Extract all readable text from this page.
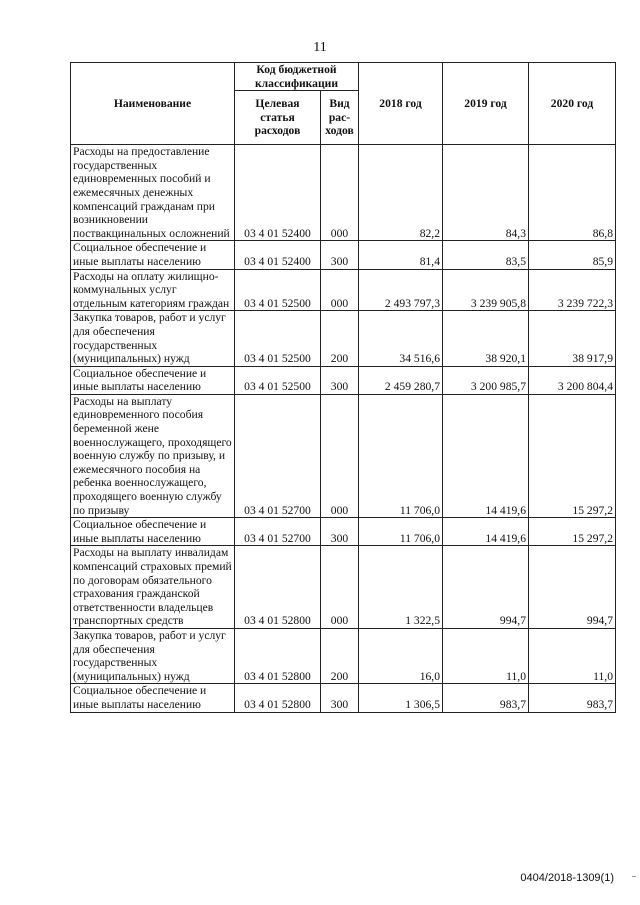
11
Наименование	Код бюджетной классификации		2018 год	2019 год	2020 год
	Целевая статья расходов	Вид рас-ходов			
Расходы на предоставление государственных единовременных пособий и ежемесячных денежных компенсаций гражданам при возникновении поствакцинальных осложнений	03 4 01 52400	000	82,2	84,3	86,8
Социальное обеспечение и иные выплаты населению	03 4 01 52400	300	81,4	83,5	85,9
Расходы на оплату жилищно-коммунальных услуг отдельным категориям граждан	03 4 01 52500	000	2 493 797,3	3 239 905,8	3 239 722,3
Закупка товаров, работ и услуг для обеспечения государственных (муниципальных) нужд	03 4 01 52500	200	34 516,6	38 920,1	38 917,9
Социальное обеспечение и иные выплаты населению	03 4 01 52500	300	2 459 280,7	3 200 985,7	3 200 804,4
Расходы на выплату единовременного пособия беременной жене военнослужащего, проходящего военную службу по призыву, и ежемесячного пособия на ребенка военнослужащего, проходящего военную службу по призыву	03 4 01 52700	000	11 706,0	14 419,6	15 297,2
Социальное обеспечение и иные выплаты населению	03 4 01 52700	300	11 706,0	14 419,6	15 297,2
Расходы на выплату инвалидам компенсаций страховых премий по договорам обязательного страхования гражданской ответственности владельцев транспортных средств	03 4 01 52800	000	1 322,5	994,7	994,7
Закупка товаров, работ и услуг для обеспечения государственных (муниципальных) нужд	03 4 01 52800	200	16,0	11,0	11,0
Социальное обеспечение и иные выплаты населению	03 4 01 52800	300	1 306,5	983,7	983,7
0404/2018-1309(1)
